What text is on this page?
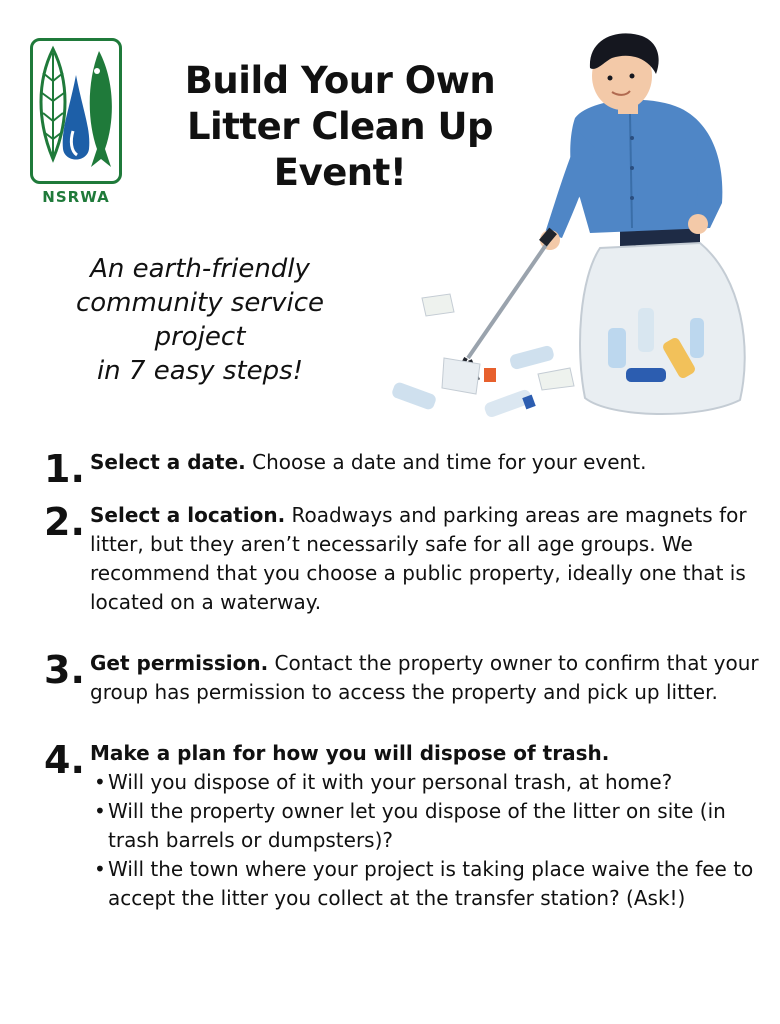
NSRWA
Build Your Own
Litter Clean Up
Event!
An earth-friendly
community service
project
in 7 easy steps!
1. Select a date. Choose a date and time for your event.
2. Select a location. Roadways and parking areas are magnets for litter, but they aren’t necessarily safe for all age groups. We recommend that you choose a public property, ideally one that is located on a waterway.
3. Get permission. Contact the property owner to confirm that your group has permission to access the property and pick up litter.
4. Make a plan for how you will dispose of trash.
• Will you dispose of it with your personal trash, at home?
• Will the property owner let you dispose of the litter on site (in trash barrels or dumpsters)?
• Will the town where your project is taking place waive the fee to accept the litter you collect at the transfer station? (Ask!)
